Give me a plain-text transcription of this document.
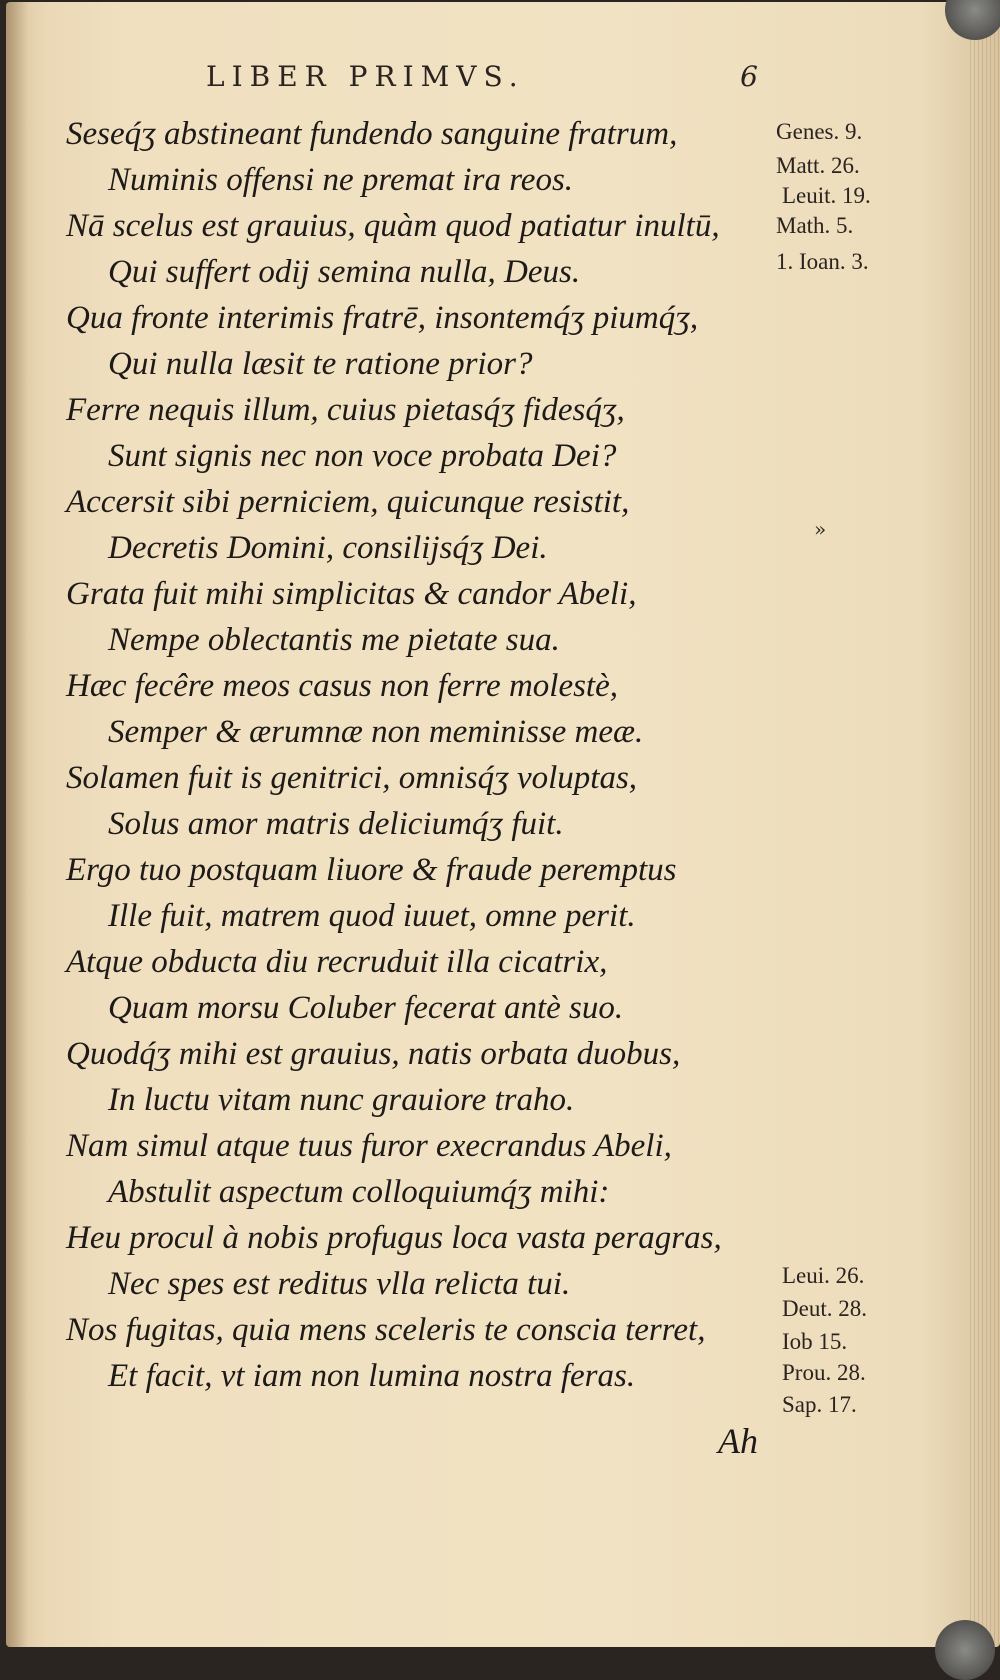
LIBER PRIMVS.	6
Seseq́ʒ abstineant fundendo sanguine fratrum,
Numinis offensi ne premat ira reos.
Nā scelus est grauius, quàm quod patiatur inultū,
Qui suffert odij semina nulla, Deus.
Qua fronte interimis fratrē, insontemq́ʒ piumq́ʒ,
Qui nulla læsit te ratione prior?
Ferre nequis illum, cuius pietasq́ʒ fidesq́ʒ,
Sunt signis nec non voce probata Dei?
Accersit sibi perniciem, quicunque resistit,
Decretis Domini, consilijsq́ʒ Dei.
Grata fuit mihi simplicitas & candor Abeli,
Nempe oblectantis me pietate sua.
Hæc fecêre meos casus non ferre molestè,
Semper & ærumnæ non meminisse meæ.
Solamen fuit is genitrici, omnisq́ʒ voluptas,
Solus amor matris deliciumq́ʒ fuit.
Ergo tuo postquam liuore & fraude peremptus
Ille fuit, matrem quod iuuet, omne perit.
Atque obducta diu recruduit illa cicatrix,
Quam morsu Coluber fecerat antè suo.
Quodq́ʒ mihi est grauius, natis orbata duobus,
In luctu vitam nunc grauiore traho.
Nam simul atque tuus furor execrandus Abeli,
Abstulit aspectum colloquiumq́ʒ mihi:
Heu procul à nobis profugus loca vasta peragras,
Nec spes est reditus vlla relicta tui.
Nos fugitas, quia mens sceleris te conscia terret,
Et facit, vt iam non lumina nostra feras.
Genes. 9.
Matt. 26.
Leuit. 19.
Math. 5.
1. Ioan. 3.
Leui. 26.
Deut. 28.
Iob 15.
Prou. 28.
Sap. 17.
»
Ah
